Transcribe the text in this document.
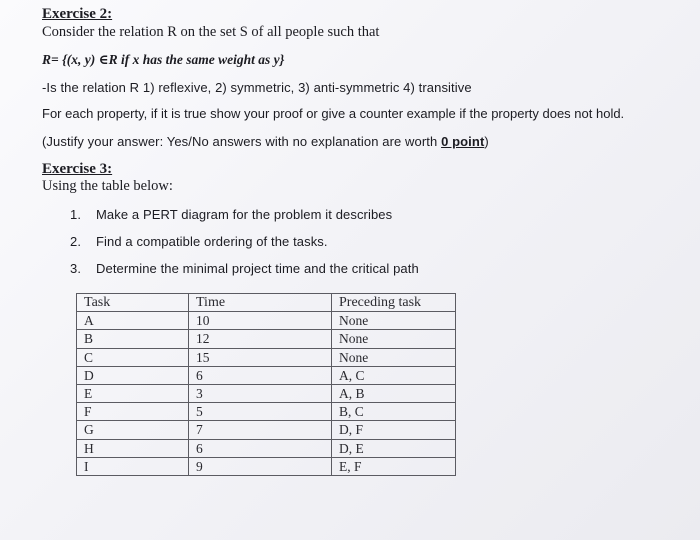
Exercise 2:
Consider the relation R on the set S of all people such that
R= {(x, y) ∈R if x has the same weight as y}
-Is the relation R 1) reflexive, 2) symmetric, 3) anti-symmetric 4) transitive
For each property, if it is true show your proof or give a counter example if the property does not hold.
(Justify your answer: Yes/No answers with no explanation are worth 0 point)
Exercise 3:
Using the table below:
1. Make a PERT diagram for the problem it describes
2. Find a compatible ordering of the tasks.
3. Determine the minimal project time and the critical path
Task	Time	Preceding task
A	10	None
B	12	None
C	15	None
D	6	A, C
E	3	A, B
F	5	B, C
G	7	D, F
H	6	D, E
I	9	E, F
